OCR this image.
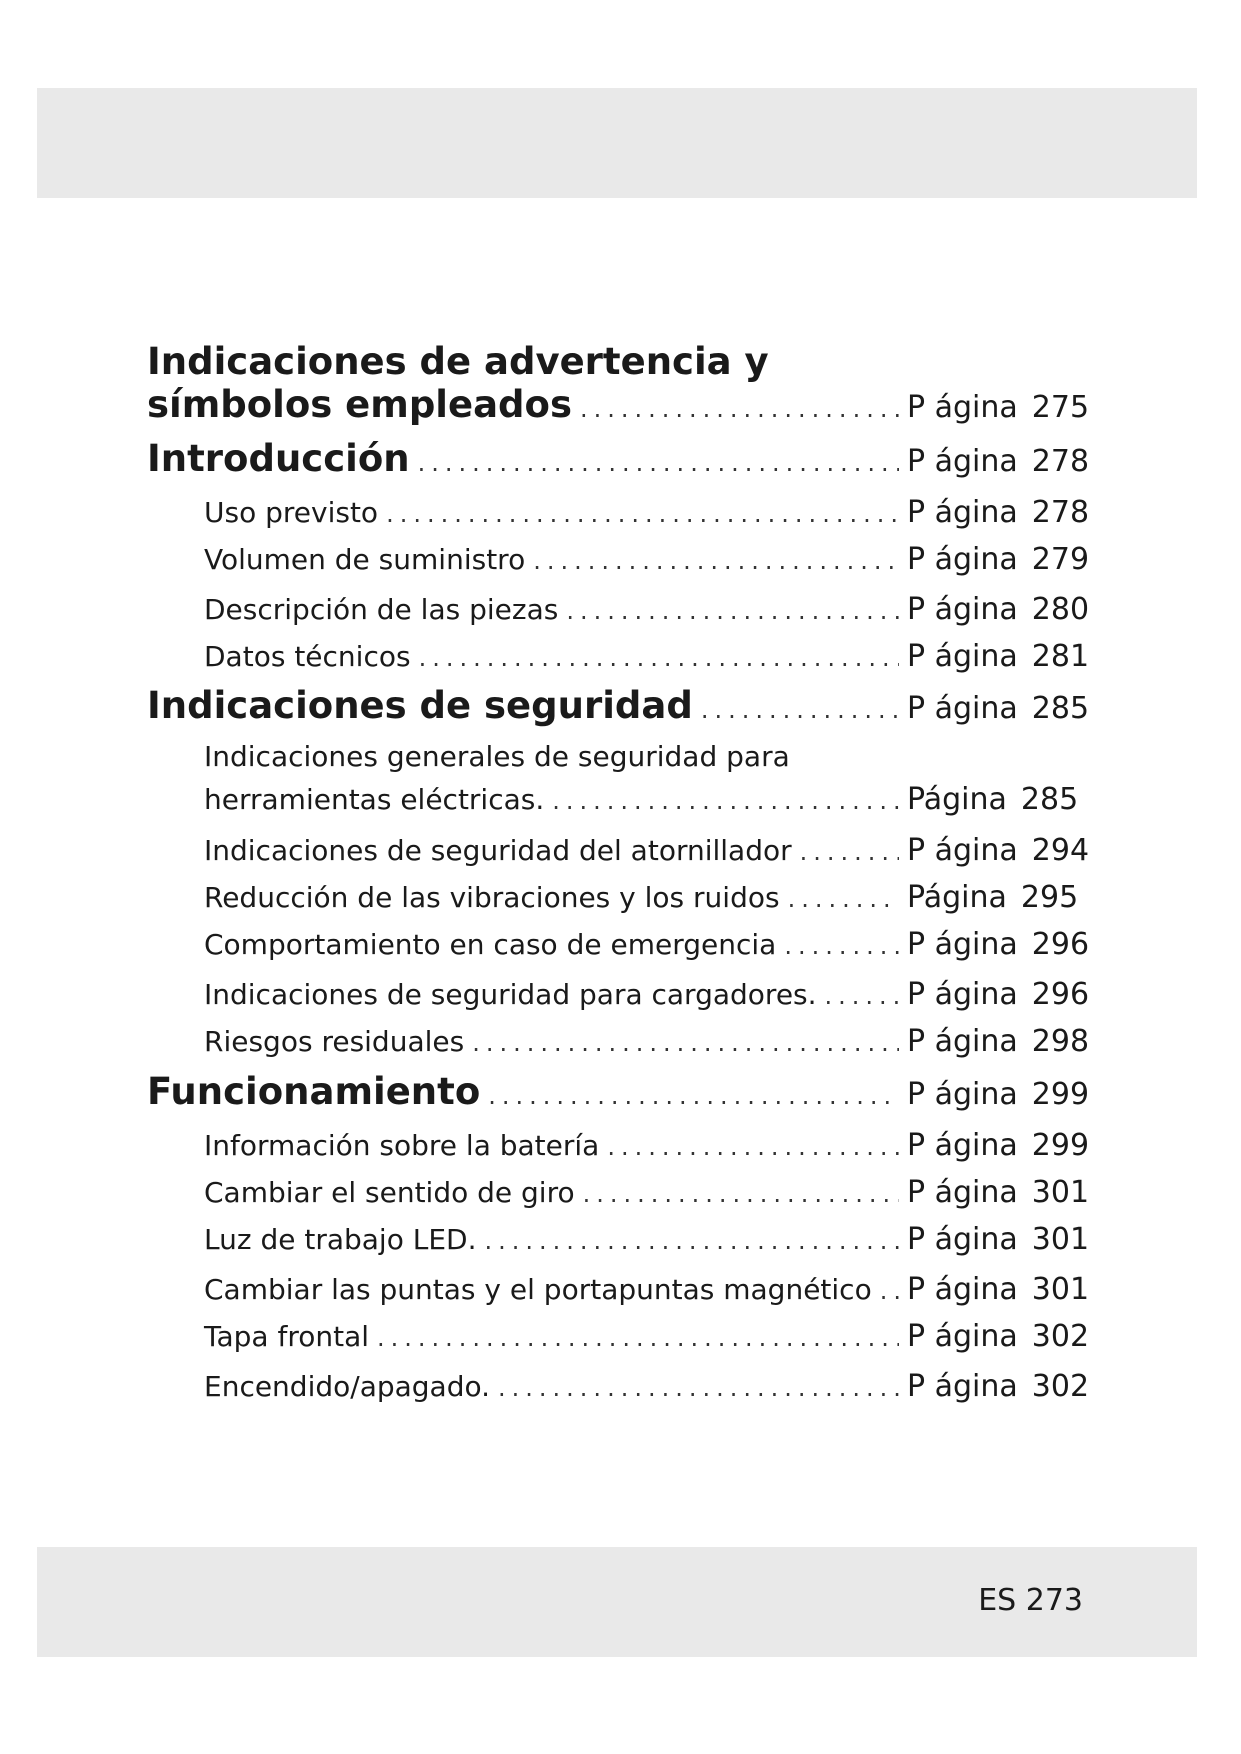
Indicaciones de advertencia y
símbolos empleados .....	P ágina 275
Introducción .....	P ágina 278
Uso previsto .....	P ágina 278
Volumen de suministro .....	P ágina 279
Descripción de las piezas .....	P ágina 280
Datos técnicos .....	P ágina 281
Indicaciones de seguridad .....	P ágina 285
Indicaciones generales de seguridad para
herramientas eléctricas. .....	Página 285
Indicaciones de seguridad del atornillador .....	P ágina 294
Reducción de las vibraciones y los ruidos .....	Página 295
Comportamiento en caso de emergencia .....	P ágina 296
Indicaciones de seguridad para cargadores. .....	P ágina 296
Riesgos residuales .....	P ágina 298
Funcionamiento .....	P ágina 299
Información sobre la batería .....	P ágina 299
Cambiar el sentido de giro .....	P ágina 301
Luz de trabajo LED. .....	P ágina 301
Cambiar las puntas y el portapuntas magnético ..... P ágina 301
Tapa frontal .....	P ágina 302
Encendido/apagado. .....	P ágina 302
ES 273
